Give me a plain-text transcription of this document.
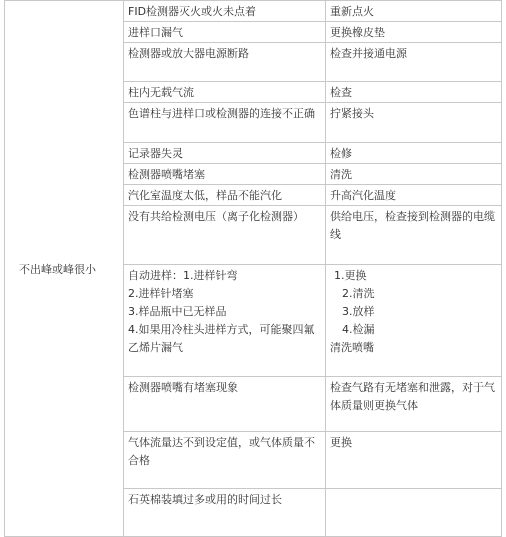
不出峰或峰很小	FID检测器灭火或火未点着	重新点火
	进样口漏气	更换橡皮垫
	检测器或放大器电源断路	检查并接通电源
	柱内无载气流	检查
	色谱柱与进样口或检测器的连接不正确	拧紧接头
	记录器失灵	检修
	检测器喷嘴堵塞	清洗
	汽化室温度太低，样品不能汽化	升高汽化温度
	没有共给检测电压（离子化检测器）	供给电压，检查接到检测器的电缆线

	自动进样：1.进样针弯
2.进样针堵塞
3.样品瓶中已无样品
4.如果用冷柱头进样方式，可能聚四氟乙烯片漏气	1.更换
2.清洗
3.放样
4.检漏
清洗喷嘴

	检测器喷嘴有堵塞现象	检查气路有无堵塞和泄露，对于气体质量则更换气体
	气体流量达不到设定值，或气体质量不合格	更换
	石英棉装填过多或用的时间过长	
